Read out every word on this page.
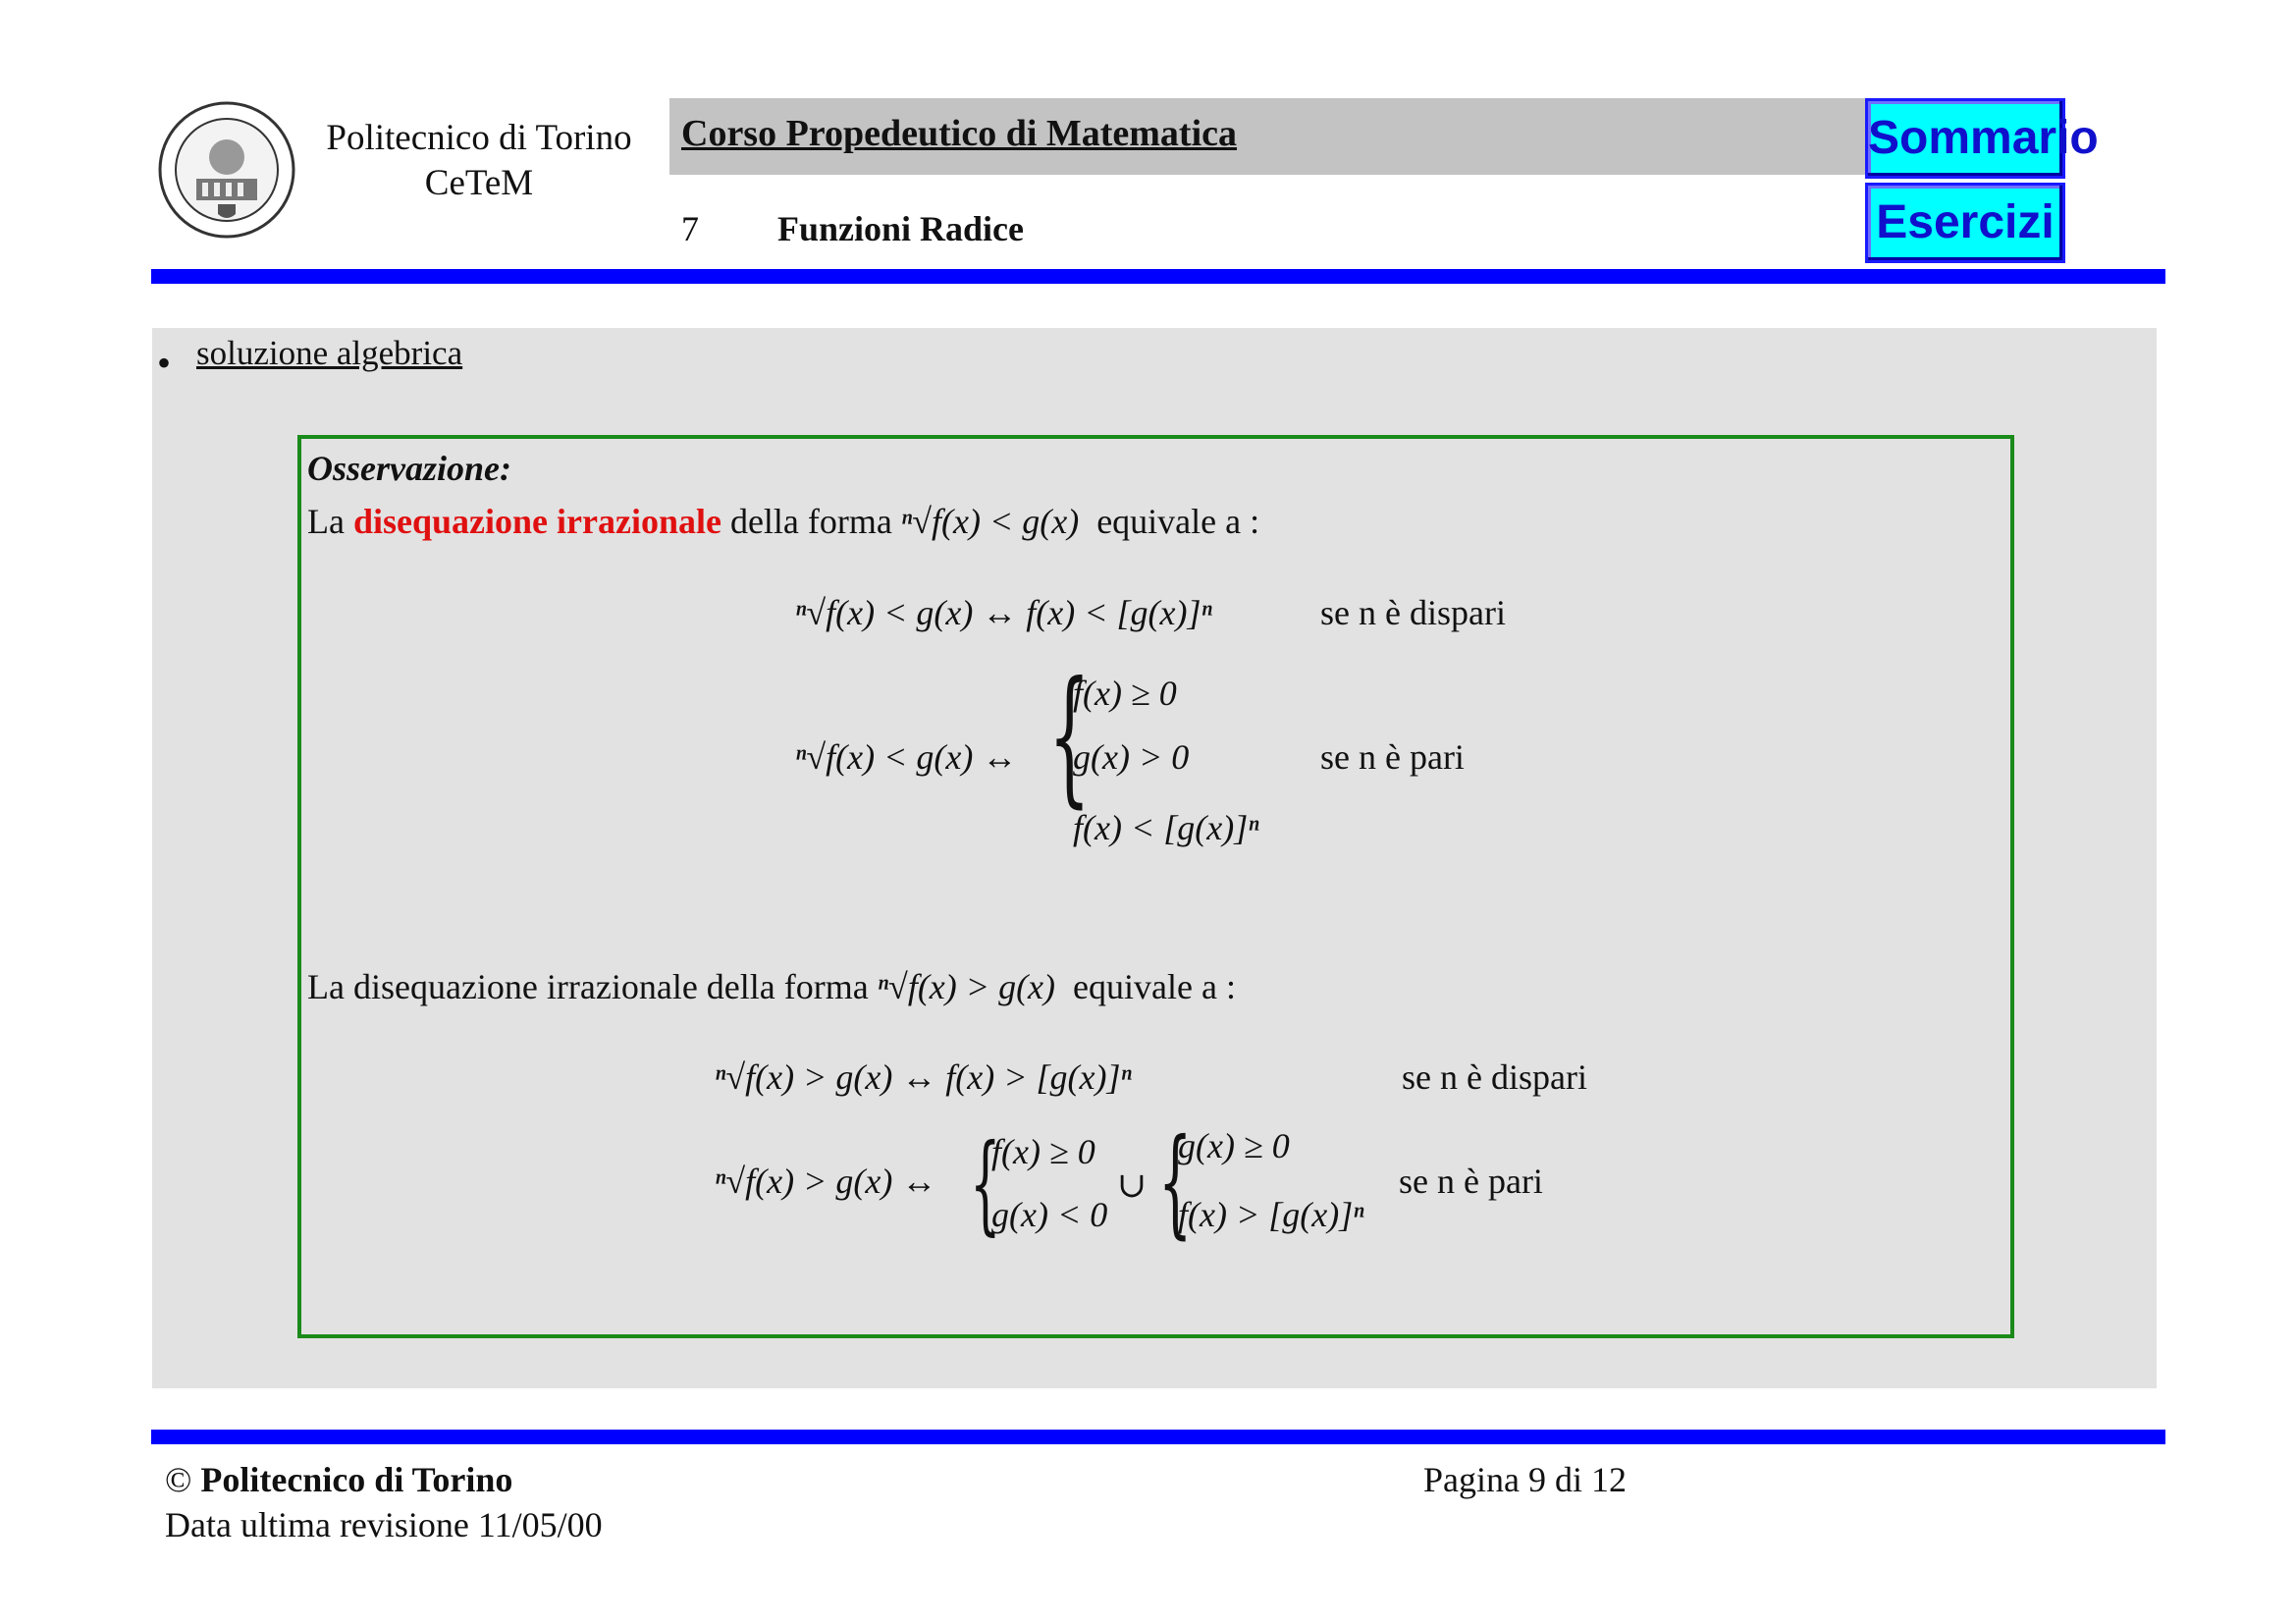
Politecnico di Torino
CeTeM
Corso Propedeutico di Matematica
7 Funzioni Radice
Sommario
Esercizi
• soluzione algebrica
Osservazione:
La disequazione irrazionale della forma ⁿ√f(x) < g(x) equivale a :
ⁿ√f(x) < g(x) ↔ f(x) < [g(x)]ⁿ	se n è dispari
ⁿ√f(x) < g(x) ↔ {
f(x) ≥ 0
g(x) > 0
f(x) < [g(x)]ⁿ
se n è pari
La disequazione irrazionale della forma ⁿ√f(x) > g(x) equivale a :
ⁿ√f(x) > g(x) ↔ f(x) > [g(x)]ⁿ	se n è dispari
ⁿ√f(x) > g(x) ↔ {
f(x) ≥ 0
g(x) < 0
∪ {
g(x) ≥ 0
f(x) > [g(x)]ⁿ
se n è pari
© Politecnico di Torino
Data ultima revisione 11/05/00
Pagina 9 di 12
